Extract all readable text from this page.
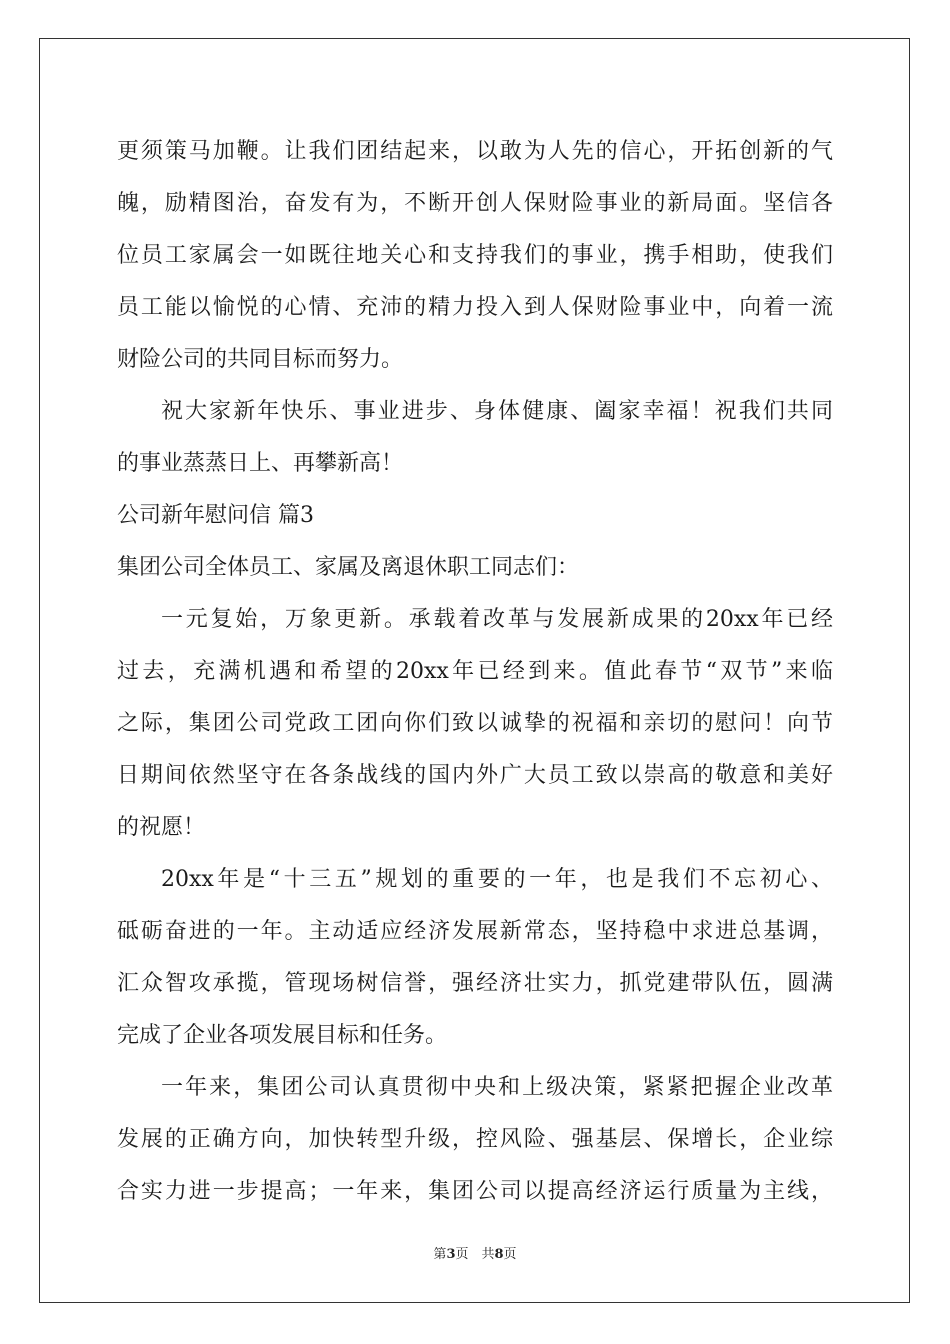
更须策马加鞭。让我们团结起来，以敢为人先的信心，开拓创新的气
魄，励精图治，奋发有为，不断开创人保财险事业的新局面。坚信各
位员工家属会一如既往地关心和支持我们的事业，携手相助，使我们
员工能以愉悦的心情、充沛的精力投入到人保财险事业中，向着一流
财险公司的共同目标而努力。
祝大家新年快乐、事业进步、身体健康、阖家幸福！祝我们共同
的事业蒸蒸日上、再攀新高！
公司新年慰问信 篇3
集团公司全体员工、家属及离退休职工同志们：
一元复始，万象更新。承载着改革与发展新成果的20xx年已经
过去，充满机遇和希望的20xx年已经到来。值此春节“双节”来临
之际，集团公司党政工团向你们致以诚挚的祝福和亲切的慰问！向节
日期间依然坚守在各条战线的国内外广大员工致以崇高的敬意和美好
的祝愿！
20xx年是“十三五”规划的重要的一年，也是我们不忘初心、
砥砺奋进的一年。主动适应经济发展新常态，坚持稳中求进总基调，
汇众智攻承揽，管现场树信誉，强经济壮实力，抓党建带队伍，圆满
完成了企业各项发展目标和任务。
一年来，集团公司认真贯彻中央和上级决策，紧紧把握企业改革
发展的正确方向，加快转型升级，控风险、强基层、保增长，企业综
合实力进一步提高；一年来，集团公司以提高经济运行质量为主线，
第3页　共8页
